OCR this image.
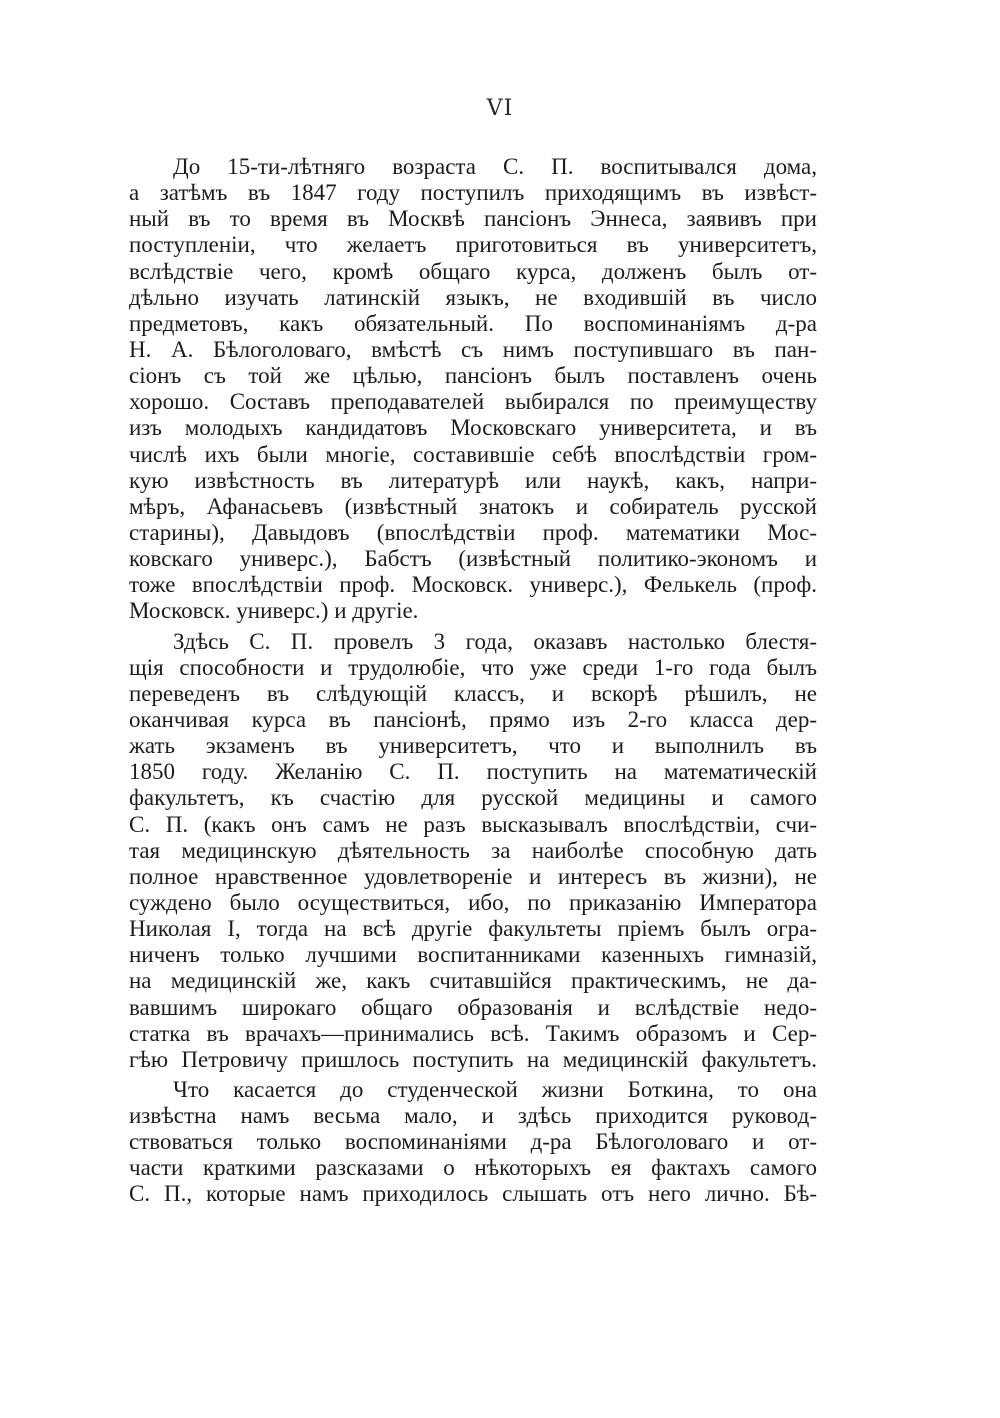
VI
До 15-ти-лѣтняго возраста С. П. воспитывался дома,
а затѣмъ въ 1847 году поступилъ приходящимъ въ извѣст-
ный въ то время въ Москвѣ пансіонъ Эннеса, заявивъ при
поступленіи, что желаетъ приготовиться въ университетъ,
вслѣдствіе чего, кромѣ общаго курса, долженъ былъ от-
дѣльно изучать латинскій языкъ, не входившій въ число
предметовъ, какъ обязательный. По воспоминаніямъ д-ра
Н. А. Бѣлоголоваго, вмѣстѣ съ нимъ поступившаго въ пан-
сіонъ съ той же цѣлью, пансіонъ былъ поставленъ очень
хорошо. Составъ преподавателей выбирался по преимуществу
изъ молодыхъ кандидатовъ Московскаго университета, и въ
числѣ ихъ были многіе, составившіе себѣ впослѣдствіи гром-
кую извѣстность въ литературѣ или наукѣ, какъ, напри-
мѣръ, Афанасьевъ (извѣстный знатокъ и собиратель русской
старины), Давыдовъ (впослѣдствіи проф. математики Мос-
ковскаго универс.), Бабстъ (извѣстный политико-экономъ и
тоже впослѣдствіи проф. Московск. универс.), Фелькель (проф.
Московск. универс.) и другіе.
Здѣсь С. П. провелъ 3 года, оказавъ настолько блестя-
щія способности и трудолюбіе, что уже среди 1-го года былъ
переведенъ въ слѣдующій классъ, и вскорѣ рѣшилъ, не
оканчивая курса въ пансіонѣ, прямо изъ 2-го класса дер-
жать экзаменъ въ университетъ, что и выполнилъ въ
1850 году. Желанію С. П. поступить на математическій
факультетъ, къ счастію для русской медицины и самого
С. П. (какъ онъ самъ не разъ высказывалъ впослѣдствіи, счи-
тая медицинскую дѣятельность за наиболѣе способную дать
полное нравственное удовлетвореніе и интересъ въ жизни), не
суждено было осуществиться, ибо, по приказанію Императора
Николая I, тогда на всѣ другіе факультеты пріемъ былъ огра-
ниченъ только лучшими воспитанниками казенныхъ гимназій,
на медицинскій же, какъ считавшійся практическимъ, не да-
вавшимъ широкаго общаго образованія и вслѣдствіе недо-
статка въ врачахъ—принимались всѣ. Такимъ образомъ и Сер-
гѣю Петровичу пришлось поступить на медицинскій факультетъ.
Что касается до студенческой жизни Боткина, то она
извѣстна намъ весьма мало, и здѣсь приходится руковод-
ствоваться только воспоминаніями д-ра Бѣлоголоваго и от-
части краткими разсказами о нѣкоторыхъ ея фактахъ самого
С. П., которые намъ приходилось слышать отъ него лично. Бѣ-
